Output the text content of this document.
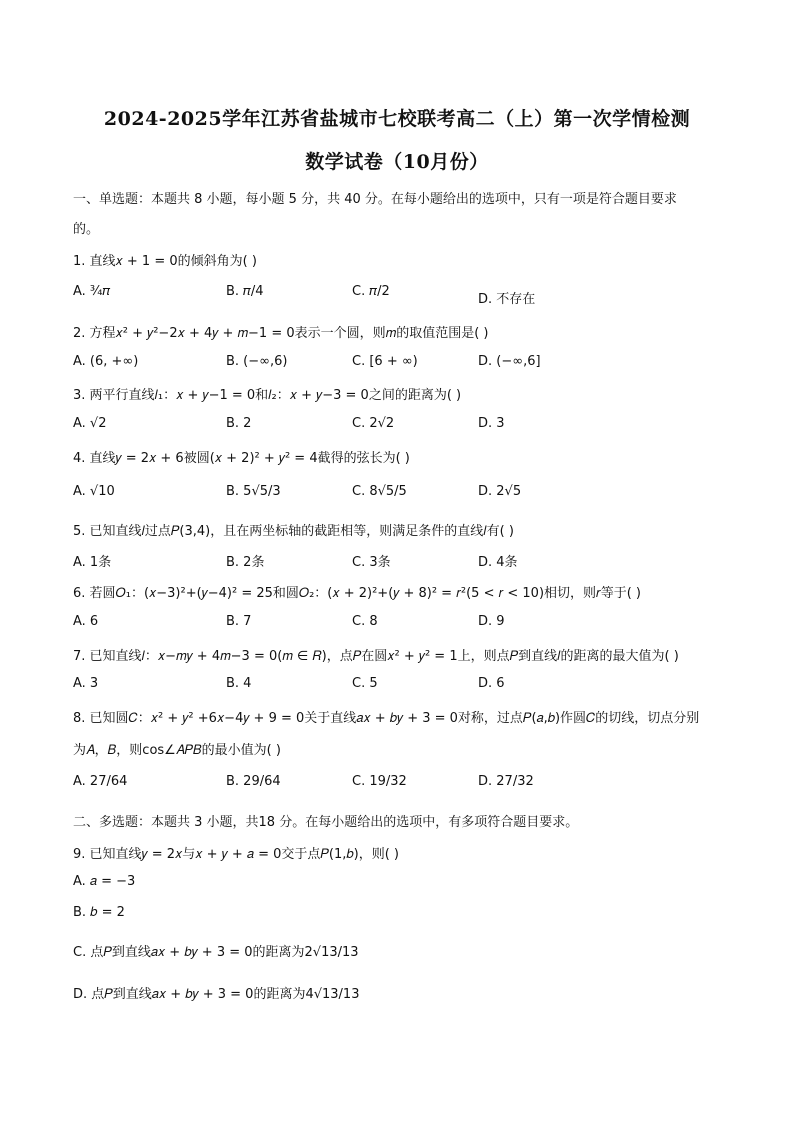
2024-2025学年江苏省盐城市七校联考高二（上）第一次学情检测
数学试卷（10月份）
一、单选题：本题共 8 小题，每小题 5 分，共 40 分。在每小题给出的选项中，只有一项是符合题目要求
的。
1. 直线𝑥 + 1 = 0的倾斜角为( )
A. ¾𝜋	B. 𝜋/4	C. 𝜋/2
D. 不存在
2. 方程𝑥² + 𝑦²−2𝑥 + 4𝑦 + 𝑚−1 = 0表示一个圆，则𝑚的取值范围是( )
A. (6, +∞)	B. (−∞,6)	C. [6 + ∞)	D. (−∞,6]
3. 两平行直线𝑙₁：𝑥 + 𝑦−1 = 0和𝑙₂：𝑥 + 𝑦−3 = 0之间的距离为( )
A. √2	B. 2	C. 2√2	D. 3
4. 直线𝑦 = 2𝑥 + 6被圆(𝑥 + 2)² + 𝑦² = 4截得的弦长为( )
A. √10	B. 5√5/3	C. 8√5/5	D. 2√5
5. 已知直线𝑙过点𝑃(3,4)，且在两坐标轴的截距相等，则满足条件的直线𝑙有( )
A. 1条	B. 2条	C. 3条	D. 4条
6. 若圆𝑂₁：(𝑥−3)²+(𝑦−4)² = 25和圆𝑂₂：(𝑥 + 2)²+(𝑦 + 8)² = 𝑟²(5 < 𝑟 < 10)相切，则𝑟等于( )
A. 6	B. 7	C. 8	D. 9
7. 已知直线𝑙：𝑥−𝑚𝑦 + 4𝑚−3 = 0(𝑚 ∈ 𝑅)，点𝑃在圆𝑥² + 𝑦² = 1上，则点𝑃到直线𝑙的距离的最大值为( )
A. 3	B. 4	C. 5	D. 6
8. 已知圆𝐶：𝑥² + 𝑦² +6𝑥−4𝑦 + 9 = 0关于直线𝑎𝑥 + 𝑏𝑦 + 3 = 0对称，过点𝑃(𝑎,𝑏)作圆𝐶的切线，切点分别
为𝐴，𝐵，则cos∠𝐴𝑃𝐵的最小值为( )
A. 27/64	B. 29/64	C. 19/32	D. 27/32
二、多选题：本题共 3 小题，共18 分。在每小题给出的选项中，有多项符合题目要求。
9. 已知直线𝑦 = 2𝑥与𝑥 + 𝑦 + 𝑎 = 0交于点𝑃(1,𝑏)，则( )
A. 𝑎 = −3
B. 𝑏 = 2
C. 点𝑃到直线𝑎𝑥 + 𝑏𝑦 + 3 = 0的距离为2√13/13
D. 点𝑃到直线𝑎𝑥 + 𝑏𝑦 + 3 = 0的距离为4√13/13
